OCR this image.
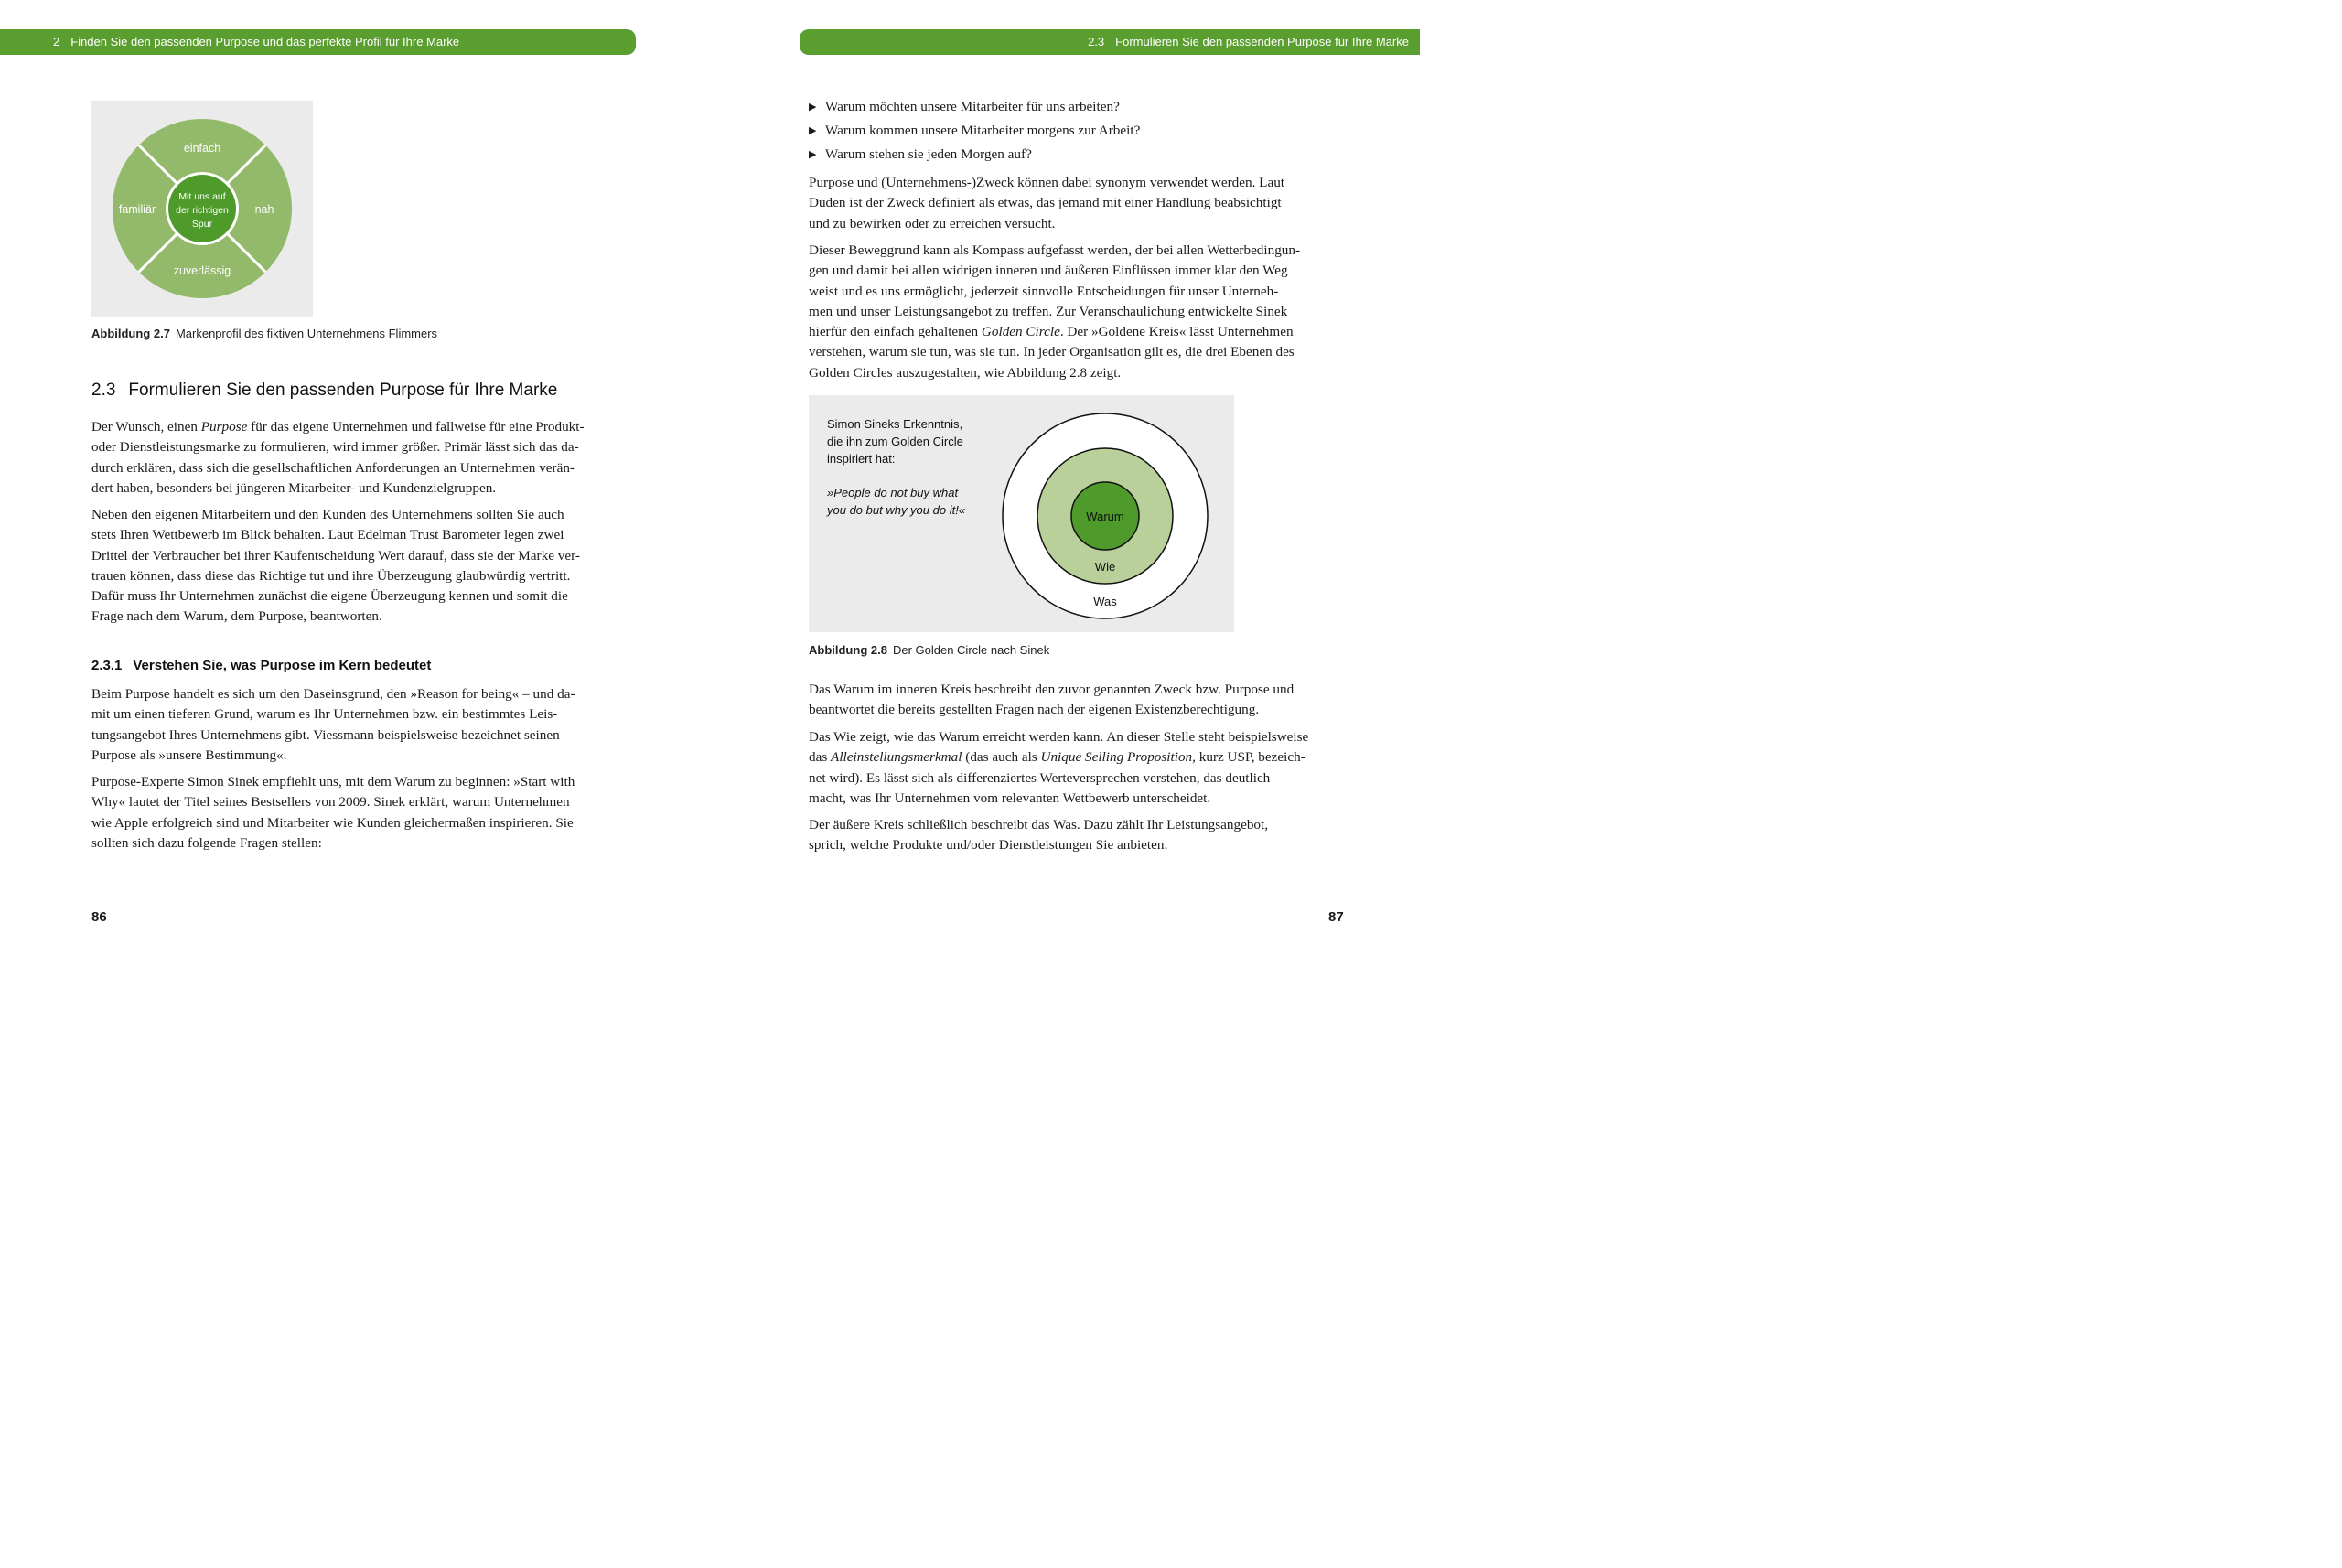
2 Finden Sie den passenden Purpose und das perfekte Profil für Ihre Marke
einfach
familiär	nah
zuverlässig
Mit uns auf
der richtigen
Spur
Abbildung 2.7 Markenprofil des fiktiven Unternehmens Flimmers
2.3 Formulieren Sie den passenden Purpose für Ihre Marke
Der Wunsch, einen Purpose für das eigene Unternehmen und fallweise für eine Produkt-
oder Dienstleistungsmarke zu formulieren, wird immer größer. Primär lässt sich das da-
durch erklären, dass sich die gesellschaftlichen Anforderungen an Unternehmen verän-
dert haben, besonders bei jüngeren Mitarbeiter- und Kundenzielgruppen.
Neben den eigenen Mitarbeitern und den Kunden des Unternehmens sollten Sie auch
stets Ihren Wettbewerb im Blick behalten. Laut Edelman Trust Barometer legen zwei
Drittel der Verbraucher bei ihrer Kaufentscheidung Wert darauf, dass sie der Marke ver-
trauen können, dass diese das Richtige tut und ihre Überzeugung glaubwürdig vertritt.
Dafür muss Ihr Unternehmen zunächst die eigene Überzeugung kennen und somit die
Frage nach dem Warum, dem Purpose, beantworten.
2.3.1 Verstehen Sie, was Purpose im Kern bedeutet
Beim Purpose handelt es sich um den Daseinsgrund, den »Reason for being« – und da-
mit um einen tieferen Grund, warum es Ihr Unternehmen bzw. ein bestimmtes Leis-
tungsangebot Ihres Unternehmens gibt. Viessmann beispielsweise bezeichnet seinen
Purpose als »unsere Bestimmung«.
Purpose-Experte Simon Sinek empfiehlt uns, mit dem Warum zu beginnen: »Start with
Why« lautet der Titel seines Bestsellers von 2009. Sinek erklärt, warum Unternehmen
wie Apple erfolgreich sind und Mitarbeiter wie Kunden gleichermaßen inspirieren. Sie
sollten sich dazu folgende Fragen stellen:
86
2.3 Formulieren Sie den passenden Purpose für Ihre Marke
▶ Warum möchten unsere Mitarbeiter für uns arbeiten?
▶ Warum kommen unsere Mitarbeiter morgens zur Arbeit?
▶ Warum stehen sie jeden Morgen auf?
Purpose und (Unternehmens-)Zweck können dabei synonym verwendet werden. Laut
Duden ist der Zweck definiert als etwas, das jemand mit einer Handlung beabsichtigt
und zu bewirken oder zu erreichen versucht.
Dieser Beweggrund kann als Kompass aufgefasst werden, der bei allen Wetterbedingun-
gen und damit bei allen widrigen inneren und äußeren Einflüssen immer klar den Weg
weist und es uns ermöglicht, jederzeit sinnvolle Entscheidungen für unser Unterneh-
men und unser Leistungsangebot zu treffen. Zur Veranschaulichung entwickelte Sinek
hierfür den einfach gehaltenen Golden Circle. Der »Goldene Kreis« lässt Unternehmen
verstehen, warum sie tun, was sie tun. In jeder Organisation gilt es, die drei Ebenen des
Golden Circles auszugestalten, wie Abbildung 2.8 zeigt.
Simon Sineks Erkenntnis,
die ihn zum Golden Circle
inspiriert hat:
»People do not buy what
you do but why you do it!«	Warum
Wie
Was
Abbildung 2.8 Der Golden Circle nach Sinek
Das Warum im inneren Kreis beschreibt den zuvor genannten Zweck bzw. Purpose und
beantwortet die bereits gestellten Fragen nach der eigenen Existenzberechtigung.
Das Wie zeigt, wie das Warum erreicht werden kann. An dieser Stelle steht beispielsweise
das Alleinstellungsmerkmal (das auch als Unique Selling Proposition, kurz USP, bezeich-
net wird). Es lässt sich als differenziertes Werteversprechen verstehen, das deutlich
macht, was Ihr Unternehmen vom relevanten Wettbewerb unterscheidet.
Der äußere Kreis schließlich beschreibt das Was. Dazu zählt Ihr Leistungsangebot,
sprich, welche Produkte und/oder Dienstleistungen Sie anbieten.
87
